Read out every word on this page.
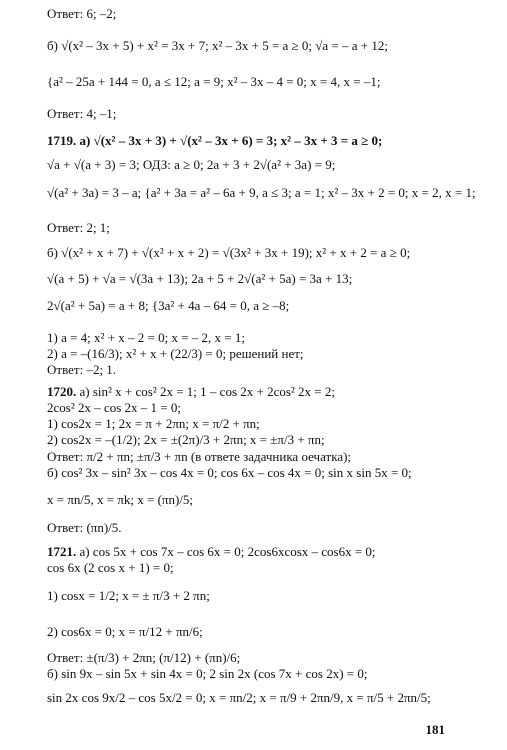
Ответ: 6; –2;
б) √(x² – 3x + 5) + x² = 3x + 7; x² – 3x + 5 = a ≥ 0; √a = – a + 12;
{a² – 25a + 144 = 0, a ≤ 12; a = 9; x² – 3x – 4 = 0; x = 4, x = –1;
Ответ: 4; –1;
1719. а) √(x² – 3x + 3) + √(x² – 3x + 6) = 3; x² – 3x + 3 = a ≥ 0;
√a + √(a + 3) = 3; ОДЗ: a ≥ 0; 2a + 3 + 2√(a² + 3a) = 9;
√(a² + 3a) = 3 – a; {a² + 3a = a² – 6a + 9, a ≤ 3; a = 1; x² – 3x + 2 = 0; x = 2, x = 1;
Ответ: 2; 1;
б) √(x² + x + 7) + √(x² + x + 2) = √(3x² + 3x + 19); x² + x + 2 = a ≥ 0;
√(a + 5) + √a = √(3a + 13); 2a + 5 + 2√(a² + 5a) = 3a + 13;
2√(a² + 5a) = a + 8; {3a² + 4a – 64 = 0, a ≥ –8;
1) a = 4; x² + x – 2 = 0; x = – 2, x = 1;
2) a = –(16/3); x² + x + (22/3) = 0; решений нет;
Ответ: –2; 1.
1720. а) sin² x + cos² 2x = 1; 1 – cos 2x + 2cos² 2x = 2;
2cos² 2x – cos 2x – 1 = 0;
1) cos2x = 1; 2x = π + 2πn; x = π/2 + πn;
2) cos2x = –(1/2); 2x = ±(2π)/3 + 2πn; x = ±π/3 + πn;
Ответ: π/2 + πn; ±π/3 + πn (в ответе задачника оечатка);
б) cos² 3x – sin² 3x – cos 4x = 0; cos 6x – cos 4x = 0; sin x sin 5x = 0;
x = πn/5, x = πk; x = (πn)/5;
Ответ: (πn)/5.
1721. а) cos 5x + cos 7x – cos 6x = 0; 2cos6xcosx – cos6x = 0;
cos 6x (2 cos x + 1) = 0;
1) cosx = 1/2; x = ± π/3 + 2 πn;
2) cos6x = 0; x = π/12 + πn/6;
Ответ: ±(π/3) + 2πn; (π/12) + (πn)/6;
б) sin 9x – sin 5x + sin 4x = 0; 2 sin 2x (cos 7x + cos 2x) = 0;
sin 2x cos 9x/2 – cos 5x/2 = 0; x = πn/2; x = π/9 + 2πn/9, x = π/5 + 2πn/5;
181
